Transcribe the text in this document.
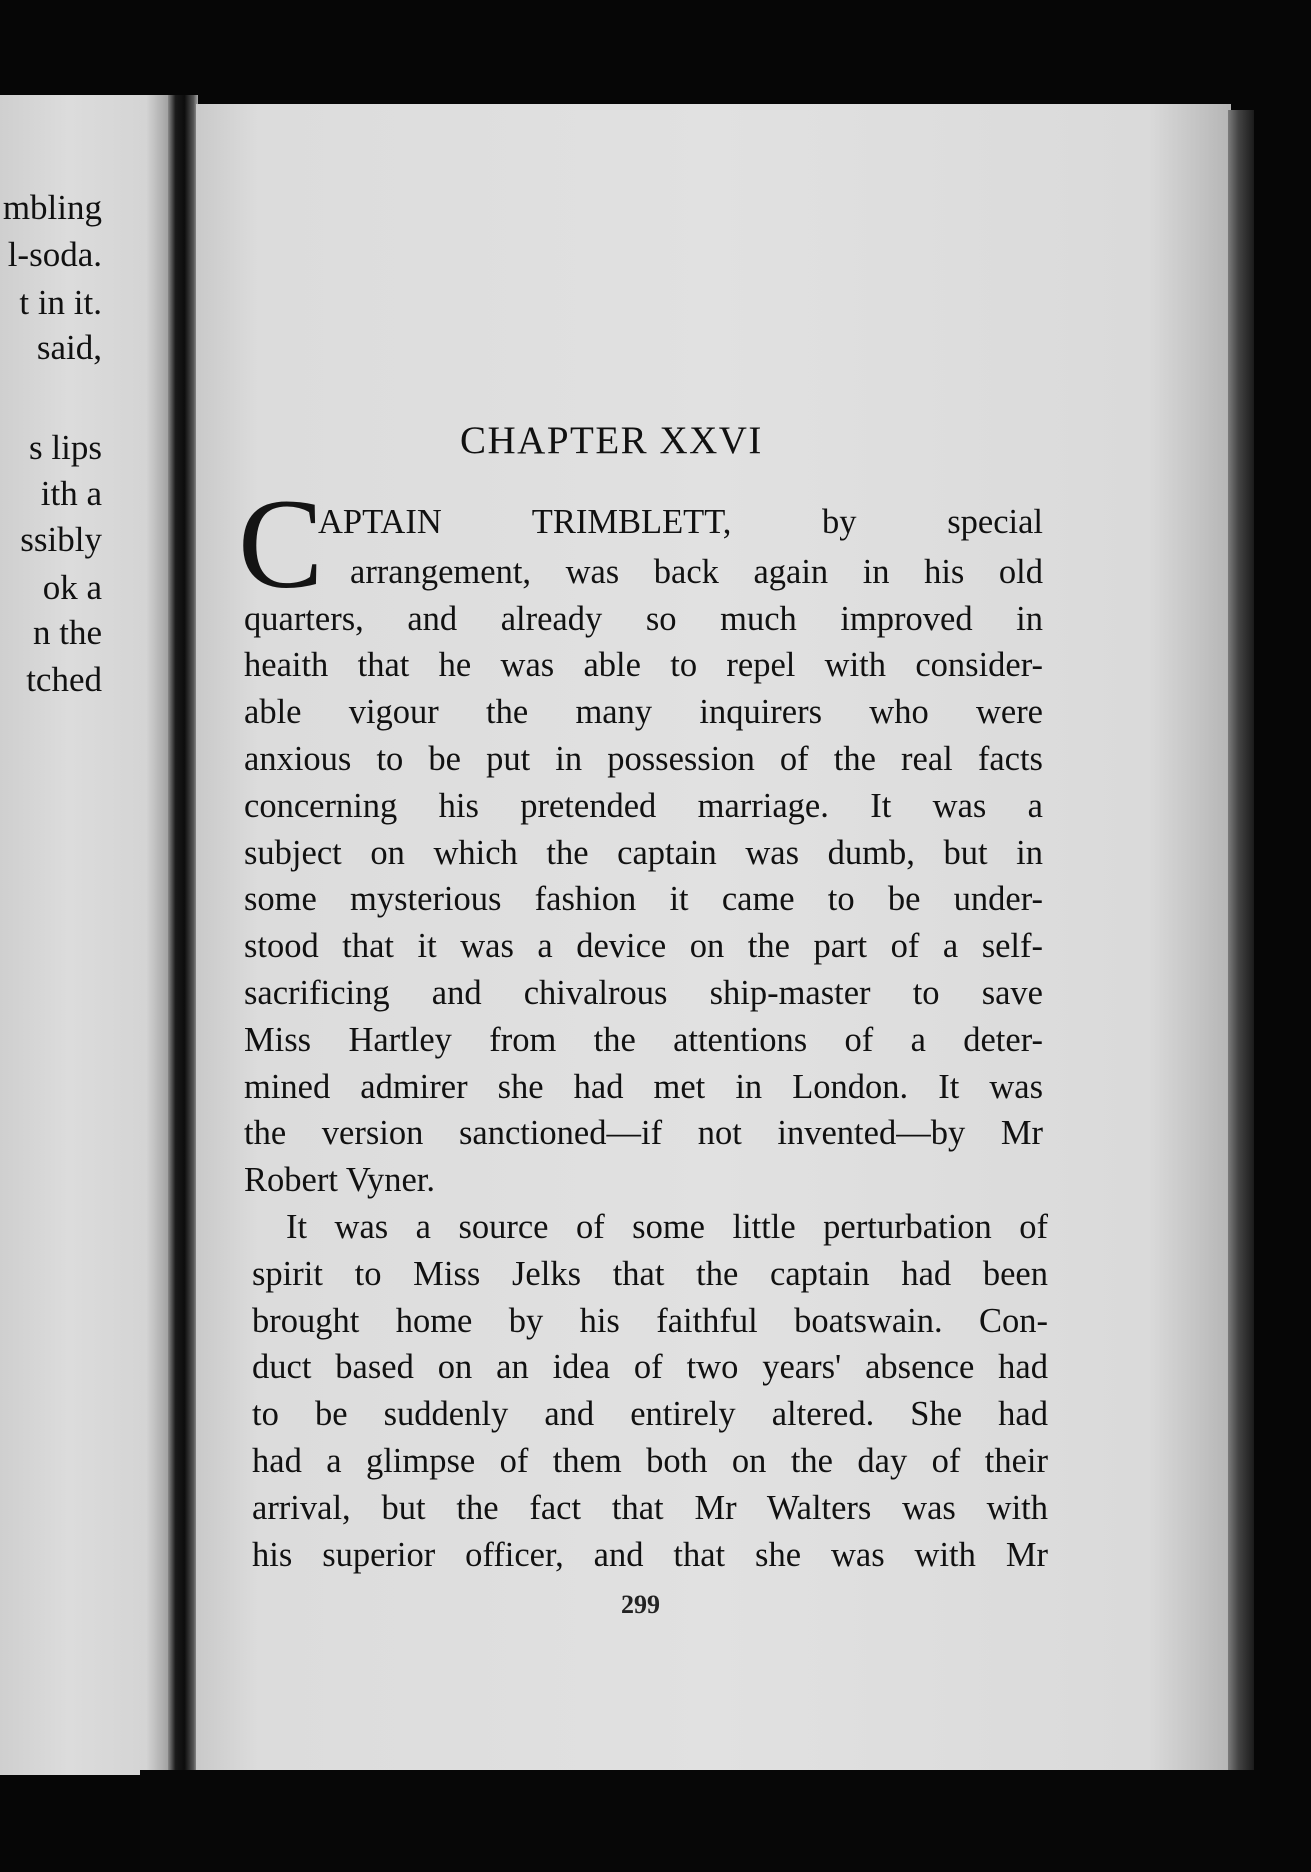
mbling
l-soda.
t in it.
said,
s lips
ith a
ssibly
ok a
n the
tched
CHAPTER XXVI
C
APTAIN TRIMBLETT, by special
arrangement, was back again in his old
quarters, and already so much improved in
heaith that he was able to repel with consider-
able vigour the many inquirers who were
anxious to be put in possession of the real facts
concerning his pretended marriage. It was a
subject on which the captain was dumb, but in
some mysterious fashion it came to be under-
stood that it was a device on the part of a self-
sacrificing and chivalrous ship-master to save
Miss Hartley from the attentions of a deter-
mined admirer she had met in London. It was
the version sanctioned—if not invented—by Mr
Robert Vyner.
It was a source of some little perturbation of
spirit to Miss Jelks that the captain had been
brought home by his faithful boatswain. Con-
duct based on an idea of two years' absence had
to be suddenly and entirely altered. She had
had a glimpse of them both on the day of their
arrival, but the fact that Mr Walters was with
his superior officer, and that she was with Mr
299
